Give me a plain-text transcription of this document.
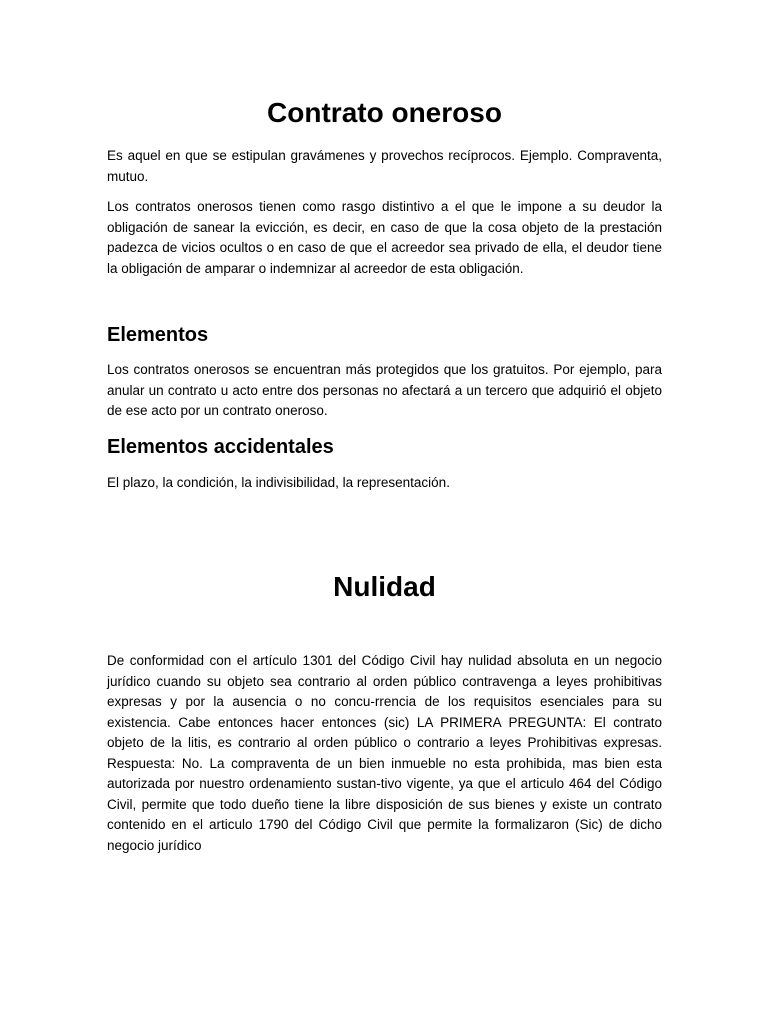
Contrato oneroso

Es aquel en que se estipulan gravámenes y provechos recíprocos. Ejemplo. Compraventa, mutuo.

Los contratos onerosos tienen como rasgo distintivo a el que le impone a su deudor la obligación de sanear la evicción, es decir, en caso de que la cosa objeto de la prestación padezca de vicios ocultos o en caso de que el acreedor sea privado de ella, el deudor tiene la obligación de amparar o indemnizar al acreedor de esta obligación.

Elementos

Los contratos onerosos se encuentran más protegidos que los gratuitos. Por ejemplo, para anular un contrato u acto entre dos personas no afectará a un tercero que adquirió el objeto de ese acto por un contrato oneroso.

Elementos accidentales

El plazo, la condición, la indivisibilidad, la representación.

Nulidad

De conformidad con el artículo 1301 del Código Civil hay nulidad absoluta en un negocio jurídico cuando su objeto sea contrario al orden público contravenga a leyes prohibitivas expresas y por la ausencia o no concu-rrencia de los requisitos esenciales para su existencia. Cabe entonces hacer entonces (sic) LA PRIMERA PREGUNTA: El contrato objeto de la litis, es contrario al orden público o contrario a leyes Prohibitivas expresas. Respuesta: No. La compraventa de un bien inmueble no esta prohibida, mas bien esta autorizada por nuestro ordenamiento sustan-tivo vigente, ya que el articulo 464 del Código Civil, permite que todo dueño tiene la libre disposición de sus bienes y existe un contrato contenido en el articulo 1790 del Código Civil que permite la formalizaron (Sic) de dicho negocio jurídico
